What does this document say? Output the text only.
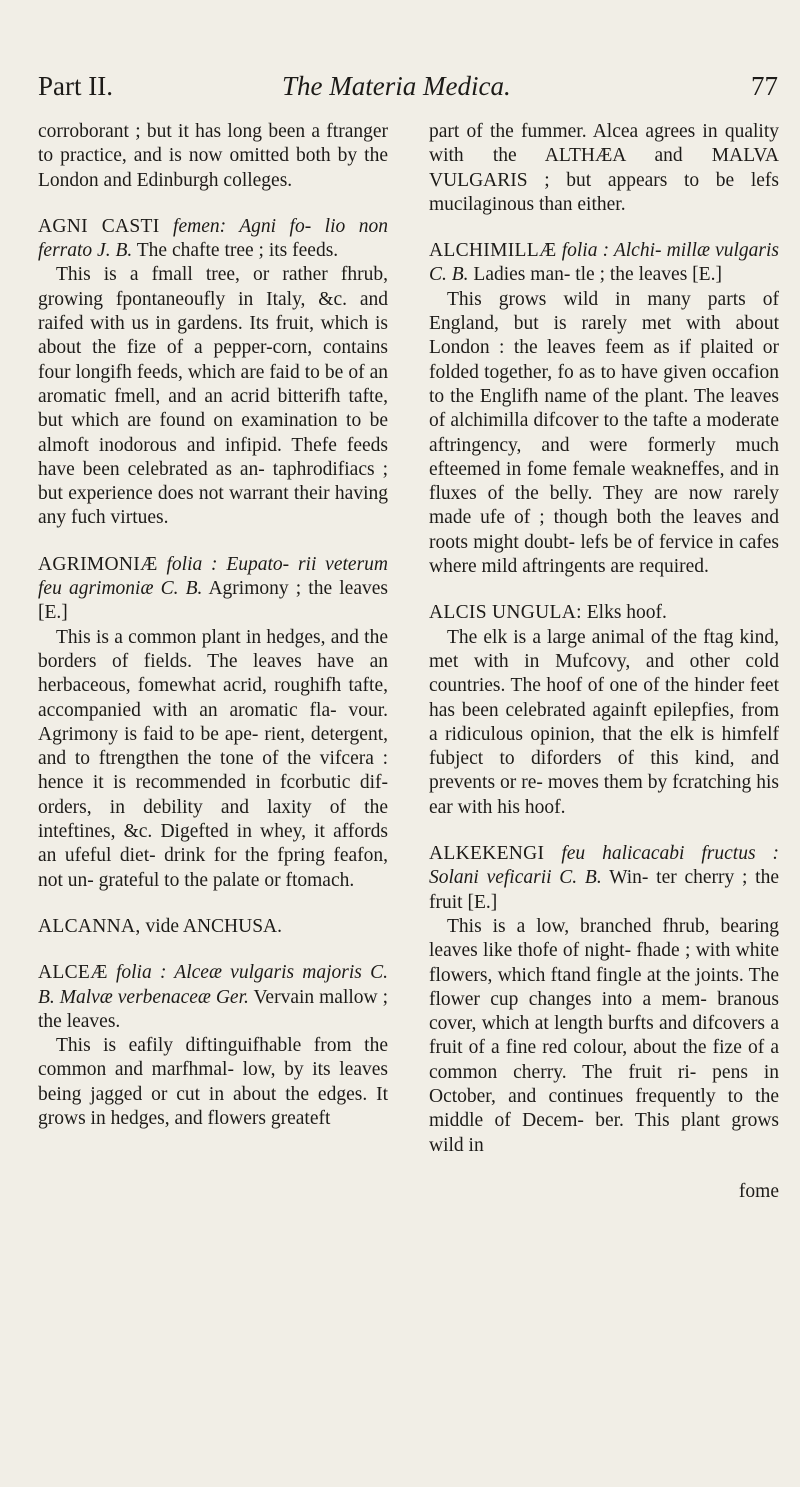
Part II.	The Materia Medica.	77

corroborant ; but it has long been a ftranger to practice, and is now omitted both by the London and Edinburgh colleges.

AGNI CASTI femen: Agni fo- lio non ferrato J. B. The chafte tree ; its feeds.

This is a fmall tree, or rather fhrub, growing fpontaneoufly in Italy, &c. and raifed with us in gardens. Its fruit, which is about the fize of a pepper-corn, contains four longifh feeds, which are faid to be of an aromatic fmell, and an acrid bitterifh tafte, but which are found on examination to be almoft inodorous and infipid. Thefe feeds have been celebrated as an- taphrodifiacs ; but experience does not warrant their having any fuch virtues.

AGRIMONIÆ folia : Eupato- rii veterum feu agrimoniæ C. B. Agrimony ; the leaves [E.]

This is a common plant in hedges, and the borders of fields. The leaves have an herbaceous, fomewhat acrid, roughifh tafte, accompanied with an aromatic fla- vour. Agrimony is faid to be ape- rient, detergent, and to ftrengthen the tone of the vifcera : hence it is recommended in fcorbutic dif- orders, in debility and laxity of the inteftines, &c. Digefted in whey, it affords an ufeful diet- drink for the fpring feafon, not un- grateful to the palate or ftomach.

ALCANNA, vide ANCHUSA.

ALCEÆ folia : Alceæ vulgaris majoris C. B. Malvæ verbenaceæ Ger. Vervain mallow ; the leaves.

This is eafily diftinguifhable from the common and marfhmal- low, by its leaves being jagged or cut in about the edges. It grows in hedges, and flowers greateft

part of the fummer. Alcea agrees in quality with the ALTHÆA and MALVA VULGARIS ; but appears to be lefs mucilaginous than either.

ALCHIMILLÆ folia : Alchi- millæ vulgaris C. B. Ladies man- tle ; the leaves [E.]

This grows wild in many parts of England, but is rarely met with about London : the leaves feem as if plaited or folded together, fo as to have given occafion to the Englifh name of the plant. The leaves of alchimilla difcover to the tafte a moderate aftringency, and were formerly much efteemed in fome female weakneffes, and in fluxes of the belly. They are now rarely made ufe of ; though both the leaves and roots might doubt- lefs be of fervice in cafes where mild aftringents are required.

ALCIS UNGULA: Elks hoof.

The elk is a large animal of the ftag kind, met with in Mufcovy, and other cold countries. The hoof of one of the hinder feet has been celebrated againft epilepfies, from a ridiculous opinion, that the elk is himfelf fubject to diforders of this kind, and prevents or re- moves them by fcratching his ear with his hoof.

ALKEKENGI feu halicacabi fructus : Solani veficarii C. B. Win- ter cherry ; the fruit [E.]

This is a low, branched fhrub, bearing leaves like thofe of night- fhade ; with white flowers, which ftand fingle at the joints. The flower cup changes into a mem- branous cover, which at length burfts and difcovers a fruit of a fine red colour, about the fize of a common cherry. The fruit ri- pens in October, and continues frequently to the middle of Decem- ber. This plant grows wild in

fome
